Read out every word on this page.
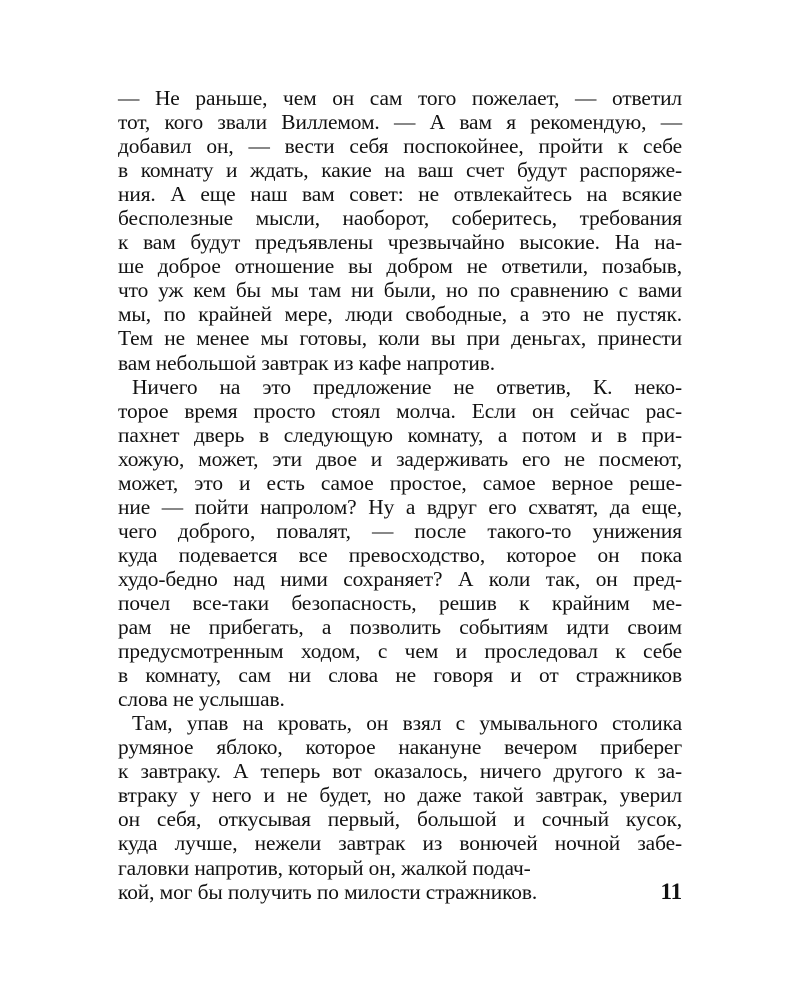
— Не раньше, чем он сам того пожелает, — ответил
тот, кого звали Виллемом. — А вам я рекомендую, —
добавил он, — вести себя поспокойнее, пройти к себе
в комнату и ждать, какие на ваш счет будут распоряже-
ния. А еще наш вам совет: не отвлекайтесь на всякие
бесполезные мысли, наоборот, соберитесь, требования
к вам будут предъявлены чрезвычайно высокие. На на-
ше доброе отношение вы добром не ответили, позабыв,
что уж кем бы мы там ни были, но по сравнению с вами
мы, по крайней мере, люди свободные, а это не пустяк.
Тем не менее мы готовы, коли вы при деньгах, принести
вам небольшой завтрак из кафе напротив.
Ничего на это предложение не ответив, К. неко-
торое время просто стоял молча. Если он сейчас рас-
пахнет дверь в следующую комнату, а потом и в при-
хожую, может, эти двое и задерживать его не посмеют,
может, это и есть самое простое, самое верное реше-
ние — пойти напролом? Ну а вдруг его схватят, да еще,
чего доброго, повалят, — после такого-то унижения
куда подевается все превосходство, которое он пока
худо-бедно над ними сохраняет? А коли так, он пред-
почел все-таки безопасность, решив к крайним ме-
рам не прибегать, а позволить событиям идти своим
предусмотренным ходом, с чем и проследовал к себе
в комнату, сам ни слова не говоря и от стражников
слова не услышав.
Там, упав на кровать, он взял с умывального столика
румяное яблоко, которое накануне вечером приберег
к завтраку. А теперь вот оказалось, ничего другого к за-
втраку у него и не будет, но даже такой завтрак, уверил
он себя, откусывая первый, большой и сочный кусок,
куда лучше, нежели завтрак из вонючей ночной забе-
галовки напротив, который он, жалкой подач-
кой, мог бы получить по милости стражников.	11
